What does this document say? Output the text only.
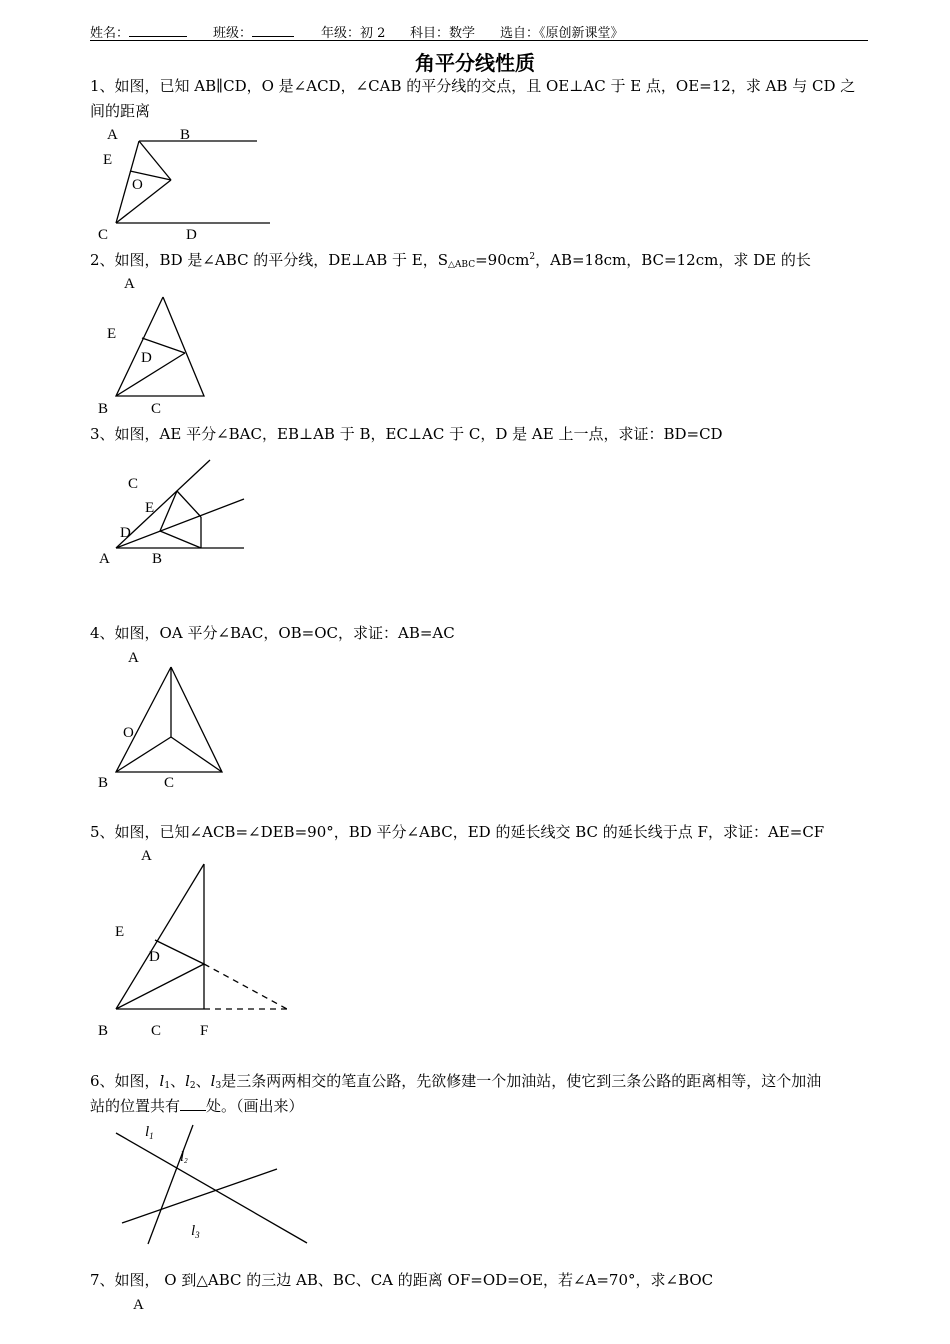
姓名：	班级：	年级：初 2 科目：数学 选自：《原创新课堂》
角平分线性质
1、如图，已知 AB∥CD，O 是∠ACD，∠CAB 的平分线的交点，且 OE⊥AC 于 E 点，OE=12，求 AB 与 CD 之
间的距离
2、如图，BD 是∠ABC 的平分线，DE⊥AB 于 E，$S_{\triangle ABC}=90cm^2$，AB=18cm，BC=12cm，求 DE 的长
3、如图，AE 平分∠BAC，EB⊥AB 于 B，EC⊥AC 于 C，D 是 AE 上一点，求证：BD=CD
4、如图，OA 平分∠BAC，OB=OC，求证：AB=AC
5、如图，已知∠ACB=∠DEB=90°，BD 平分∠ABC，ED 的延长线交 BC 的延长线于点 F，求证：AE=CF
6、如图，$l_1$、$l_2$、$l_3$是三条两两相交的笔直公路，先欲修建一个加油站，使它到三条公路的距离相等，这个加油
站的位置共有 处。（画出来）
7、如图， O 到△ABC 的三边 AB、BC、CA 的距离 OF=OD=OE，若∠A=70°，求∠BOC
A	B
E
O
C	D
A
E
D
B	C
C
E
D
A	B
A
O
B	C
A
E
D
B	C	F
$l_1$
l2
$l_3$
A
